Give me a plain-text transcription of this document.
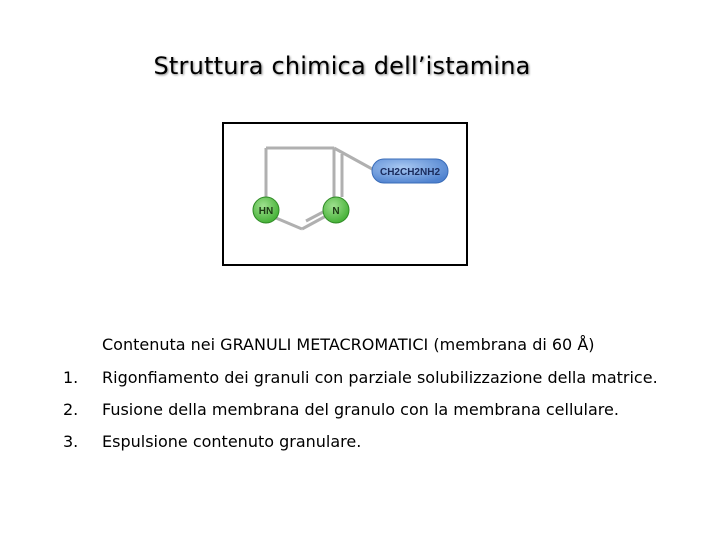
Struttura chimica dell’istamina
CH2CH2NH2
HN	N
Contenuta nei GRANULI METACROMATICI (membrana di 60 Å)
1. Rigonfiamento dei granuli con parziale solubilizzazione della matrice.
2. Fusione della membrana del granulo con la membrana cellulare.
3. Espulsione contenuto granulare.
